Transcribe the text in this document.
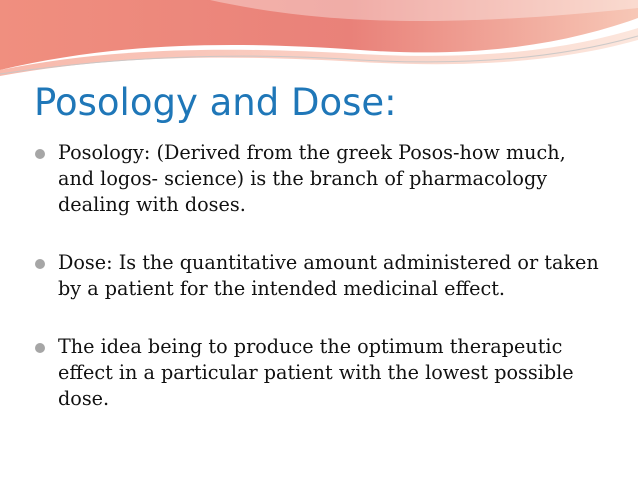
Posology and Dose:
Posology: (Derived from the greek Posos-how much, and logos- science) is the branch of pharmacology dealing with doses.
Dose: Is the quantitative amount administered or taken by a patient for the intended medicinal effect.
The idea being to produce the optimum therapeutic effect in a particular patient with the lowest possible dose.
